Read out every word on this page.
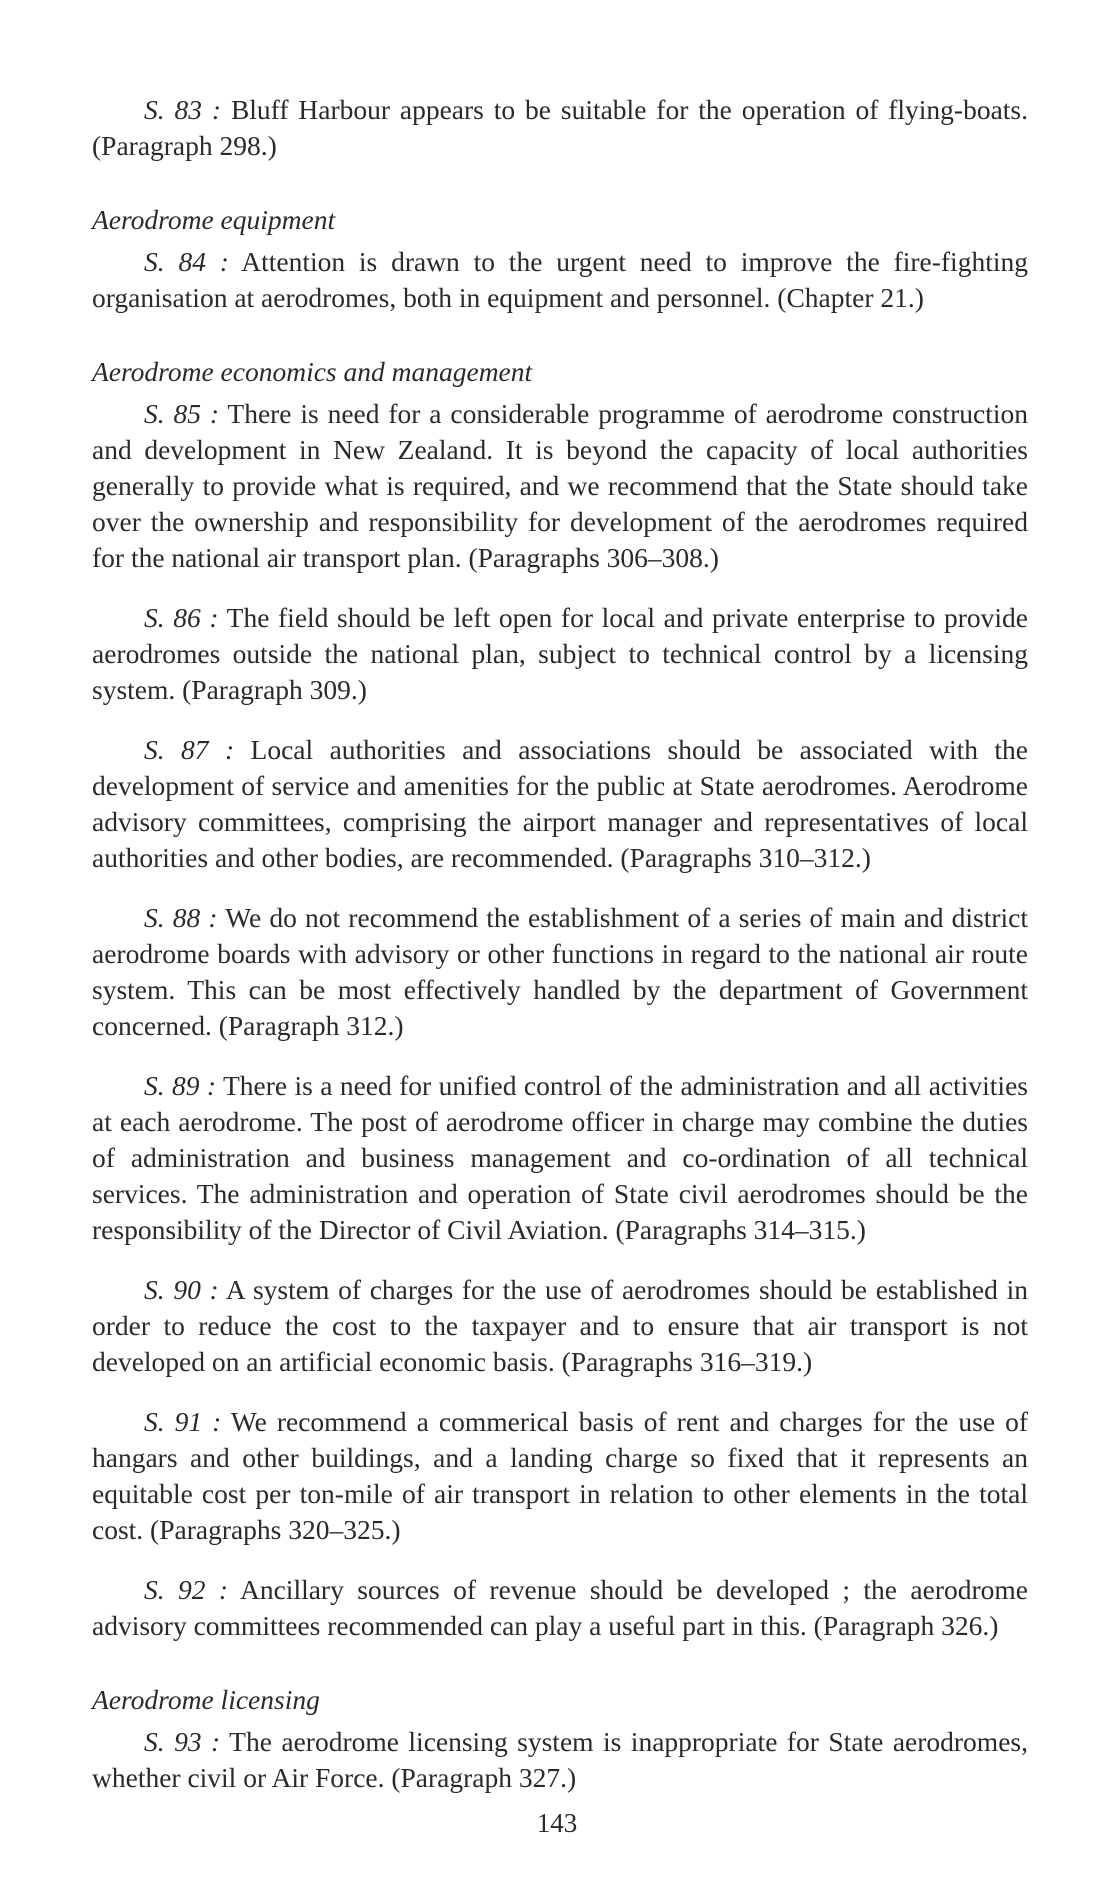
S. 83 : Bluff Harbour appears to be suitable for the operation of flying-boats. (Paragraph 298.)

Aerodrome equipment

S. 84 : Attention is drawn to the urgent need to improve the fire-fighting organisation at aerodromes, both in equipment and personnel. (Chapter 21.)

Aerodrome economics and management

S. 85 : There is need for a considerable programme of aerodrome construction and development in New Zealand. It is beyond the capacity of local authorities generally to provide what is required, and we recommend that the State should take over the ownership and responsibility for development of the aerodromes required for the national air transport plan. (Paragraphs 306–308.)

S. 86 : The field should be left open for local and private enterprise to provide aerodromes outside the national plan, subject to technical control by a licensing system. (Paragraph 309.)

S. 87 : Local authorities and associations should be associated with the development of service and amenities for the public at State aerodromes. Aerodrome advisory committees, comprising the airport manager and representatives of local authorities and other bodies, are recommended. (Paragraphs 310–312.)

S. 88 : We do not recommend the establishment of a series of main and district aerodrome boards with advisory or other functions in regard to the national air route system. This can be most effectively handled by the department of Government concerned. (Paragraph 312.)

S. 89 : There is a need for unified control of the administration and all activities at each aerodrome. The post of aerodrome officer in charge may combine the duties of administration and business management and co-ordination of all technical services. The administration and operation of State civil aerodromes should be the responsibility of the Director of Civil Aviation. (Paragraphs 314–315.)

S. 90 : A system of charges for the use of aerodromes should be established in order to reduce the cost to the taxpayer and to ensure that air transport is not developed on an artificial economic basis. (Paragraphs 316–319.)

S. 91 : We recommend a commerical basis of rent and charges for the use of hangars and other buildings, and a landing charge so fixed that it represents an equitable cost per ton-mile of air transport in relation to other elements in the total cost. (Paragraphs 320–325.)

S. 92 : Ancillary sources of revenue should be developed ; the aerodrome advisory committees recommended can play a useful part in this. (Paragraph 326.)

Aerodrome licensing

S. 93 : The aerodrome licensing system is inappropriate for State aerodromes, whether civil or Air Force. (Paragraph 327.)

143
